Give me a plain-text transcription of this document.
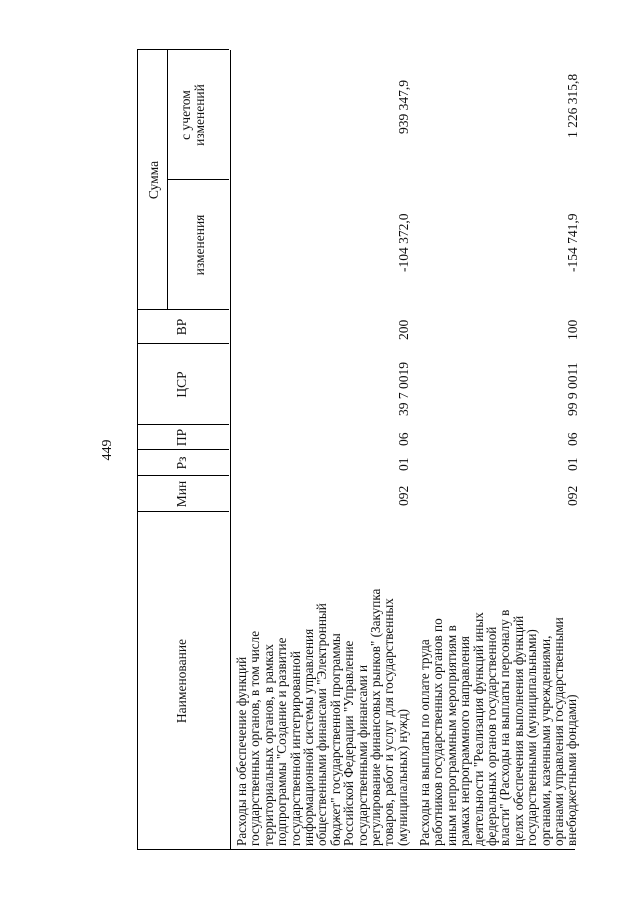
449
Наименование
Мин
Рз
ПР
ЦСР
ВР
Сумма
изменения
с учетом изменений
Расходы на обеспечение функций
государственных органов, в том числе
территориальных органов, в рамках
подпрограммы "Создание и развитие
государственной интегрированной
информационной системы управления
общественными финансами "Электронный
бюджет" государственной программы
Российской Федерации "Управление
государственными финансами и
регулирование финансовых рынков" (Закупка
товаров, работ и услуг для государственных
(муниципальных) нужд)
092
01
06
39 7 0019
200
-104 372,0
939 347,9
Расходы на выплаты по оплате труда
работников государственных органов по
иным непрограммным мероприятиям в
рамках непрограммного направления
деятельности "Реализация функций иных
федеральных органов государственной
власти" (Расходы на выплаты персоналу в
целях обеспечения выполнения функций
государственными (муниципальными)
органами, казенными учреждениями,
органами управления государственными
внебюджетными фондами)
092
01
06
99 9 0011
100
-154 741,9
1 226 315,8
